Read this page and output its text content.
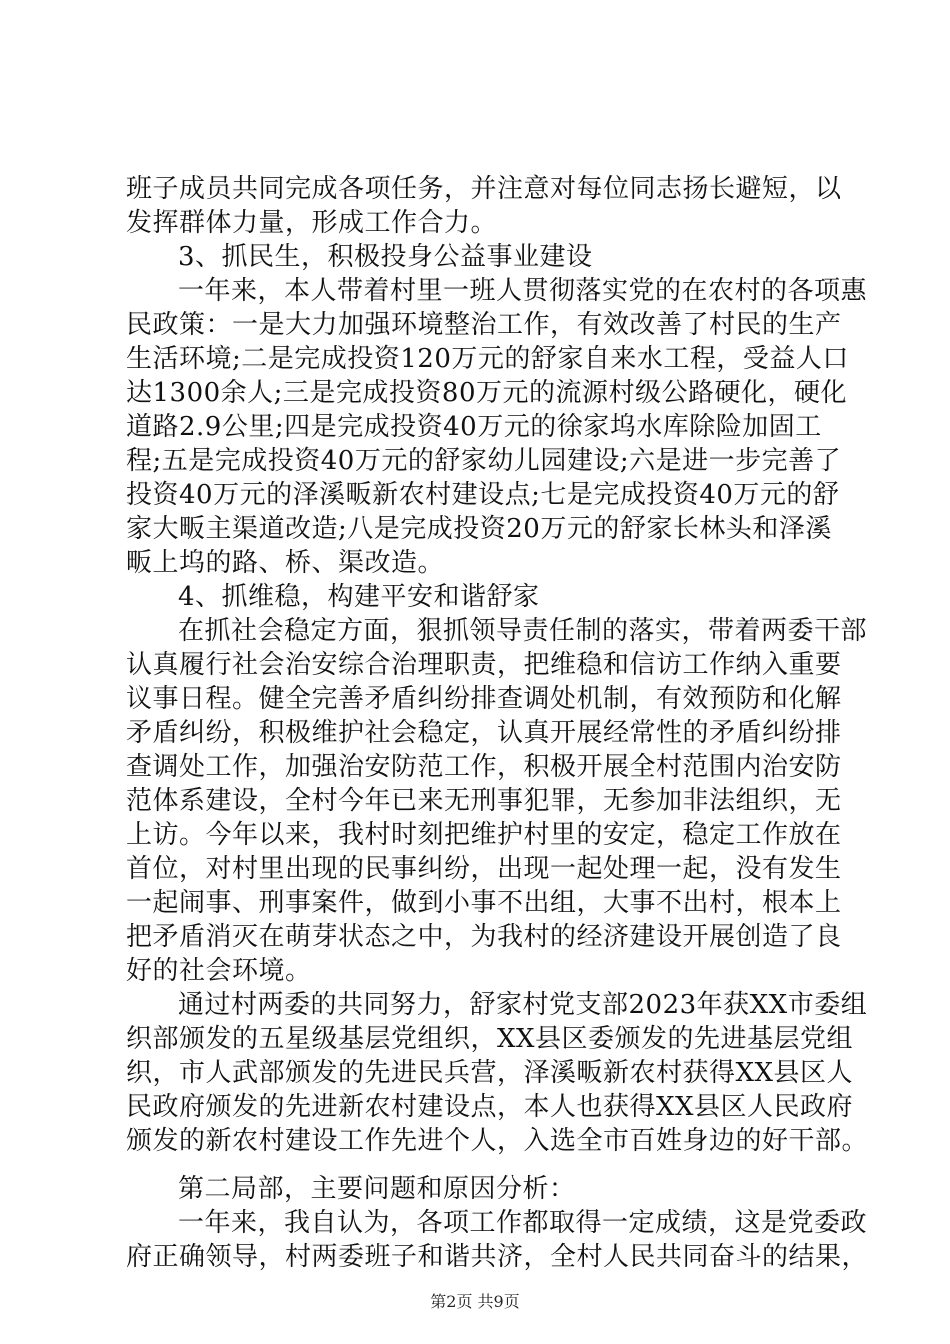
班子成员共同完成各项任务，并注意对每位同志扬长避短，以
发挥群体力量，形成工作合力。
3、抓民生，积极投身公益事业建设
一年来，本人带着村里一班人贯彻落实党的在农村的各项惠
民政策：一是大力加强环境整治工作，有效改善了村民的生产
生活环境;二是完成投资120万元的舒家自来水工程，受益人口
达1300余人;三是完成投资80万元的流源村级公路硬化，硬化
道路2.9公里;四是完成投资40万元的徐家坞水库除险加固工
程;五是完成投资40万元的舒家幼儿园建设;六是进一步完善了
投资40万元的泽溪畈新农村建设点;七是完成投资40万元的舒
家大畈主渠道改造;八是完成投资20万元的舒家长林头和泽溪
畈上坞的路、桥、渠改造。
4、抓维稳，构建平安和谐舒家
在抓社会稳定方面，狠抓领导责任制的落实，带着两委干部
认真履行社会治安综合治理职责，把维稳和信访工作纳入重要
议事日程。健全完善矛盾纠纷排查调处机制，有效预防和化解
矛盾纠纷，积极维护社会稳定，认真开展经常性的矛盾纠纷排
查调处工作，加强治安防范工作，积极开展全村范围内治安防
范体系建设，全村今年已来无刑事犯罪，无参加非法组织，无
上访。今年以来，我村时刻把维护村里的安定，稳定工作放在
首位，对村里出现的民事纠纷，出现一起处理一起，没有发生
一起闹事、刑事案件，做到小事不出组，大事不出村，根本上
把矛盾消灭在萌芽状态之中，为我村的经济建设开展创造了良
好的社会环境。
通过村两委的共同努力，舒家村党支部2023年获XX市委组
织部颁发的五星级基层党组织，XX县区委颁发的先进基层党组
织，市人武部颁发的先进民兵营，泽溪畈新农村获得XX县区人
民政府颁发的先进新农村建设点，本人也获得XX县区人民政府
颁发的新农村建设工作先进个人，入选全市百姓身边的好干部。
第二局部，主要问题和原因分析：
一年来，我自认为，各项工作都取得一定成绩，这是党委政
府正确领导，村两委班子和谐共济，全村人民共同奋斗的结果，
第2页 共9页
